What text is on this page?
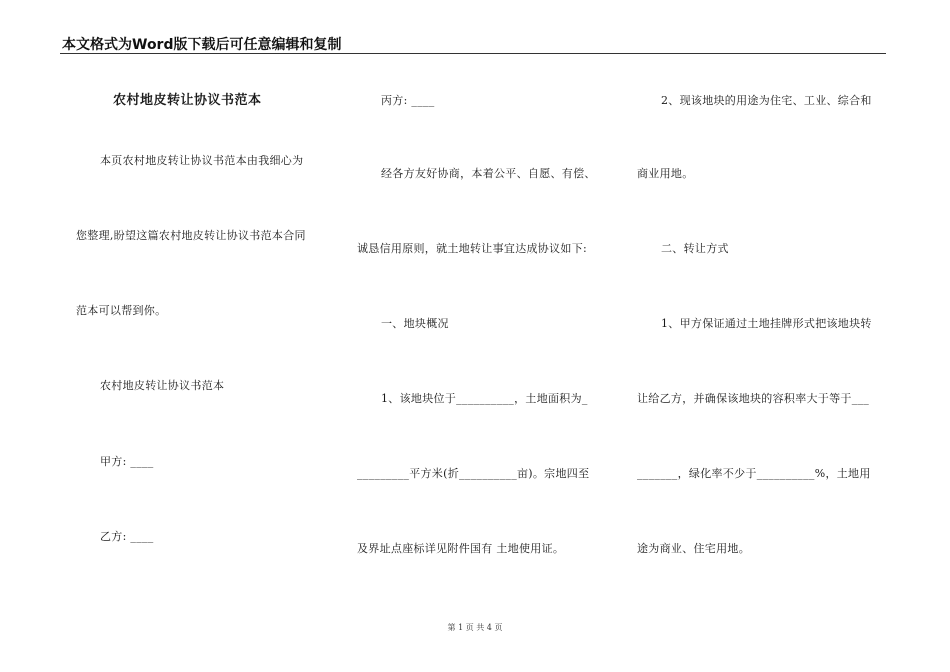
本文格式为Word版下载后可任意编辑和复制
农村地皮转让协议书范本
本页农村地皮转让协议书范本由我细心为
您整理,盼望这篇农村地皮转让协议书范本合同
范本可以帮到你。
农村地皮转让协议书范本
甲方: ____
乙方: ____
丙方: ____
经各方友好协商，本着公平、自愿、有偿、
诚恳信用原则，就土地转让事宜达成协议如下:
一、地块概况
1、该地块位于__________，土地面积为_
_________平方米(折__________亩)。宗地四至
及界址点座标详见附件国有 土地使用证。
2、现该地块的用途为住宅、工业、综合和
商业用地。
二、转让方式
1、甲方保证通过土地挂牌形式把该地块转
让给乙方，并确保该地块的容积率大于等于___
_______，绿化率不少于__________%，土地用
途为商业、住宅用地。
第 1 页 共 4 页
